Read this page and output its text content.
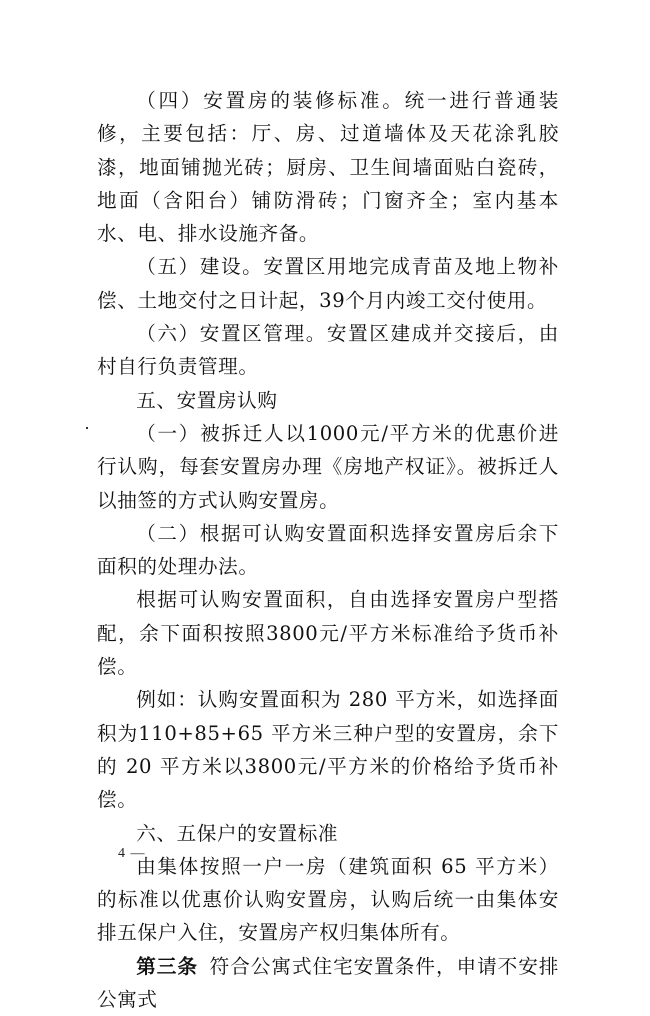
（四）安置房的装修标准。统一进行普通装修，主要包括：厅、房、过道墙体及天花涂乳胶漆，地面铺抛光砖；厨房、卫生间墙面贴白瓷砖，地面（含阳台）铺防滑砖；门窗齐全；室内基本水、电、排水设施齐备。

（五）建设。安置区用地完成青苗及地上物补偿、土地交付之日计起，39个月内竣工交付使用。

（六）安置区管理。安置区建成并交接后，由村自行负责管理。

五、安置房认购

（一）被拆迁人以1000元/平方米的优惠价进行认购，每套安置房办理《房地产权证》。被拆迁人以抽签的方式认购安置房。

（二）根据可认购安置面积选择安置房后余下面积的处理办法。

根据可认购安置面积，自由选择安置房户型搭配，余下面积按照3800元/平方米标准给予货币补偿。

例如：认购安置面积为 280 平方米，如选择面积为110+85+65 平方米三种户型的安置房，余下的 20 平方米以3800元/平方米的价格给予货币补偿。

六、五保户的安置标准

由集体按照一户一房（建筑面积 65 平方米）的标准以优惠价认购安置房，认购后统一由集体安排五保户入住，安置房产权归集体所有。

第三条 符合公寓式住宅安置条件，申请不安排公寓式

4 —
